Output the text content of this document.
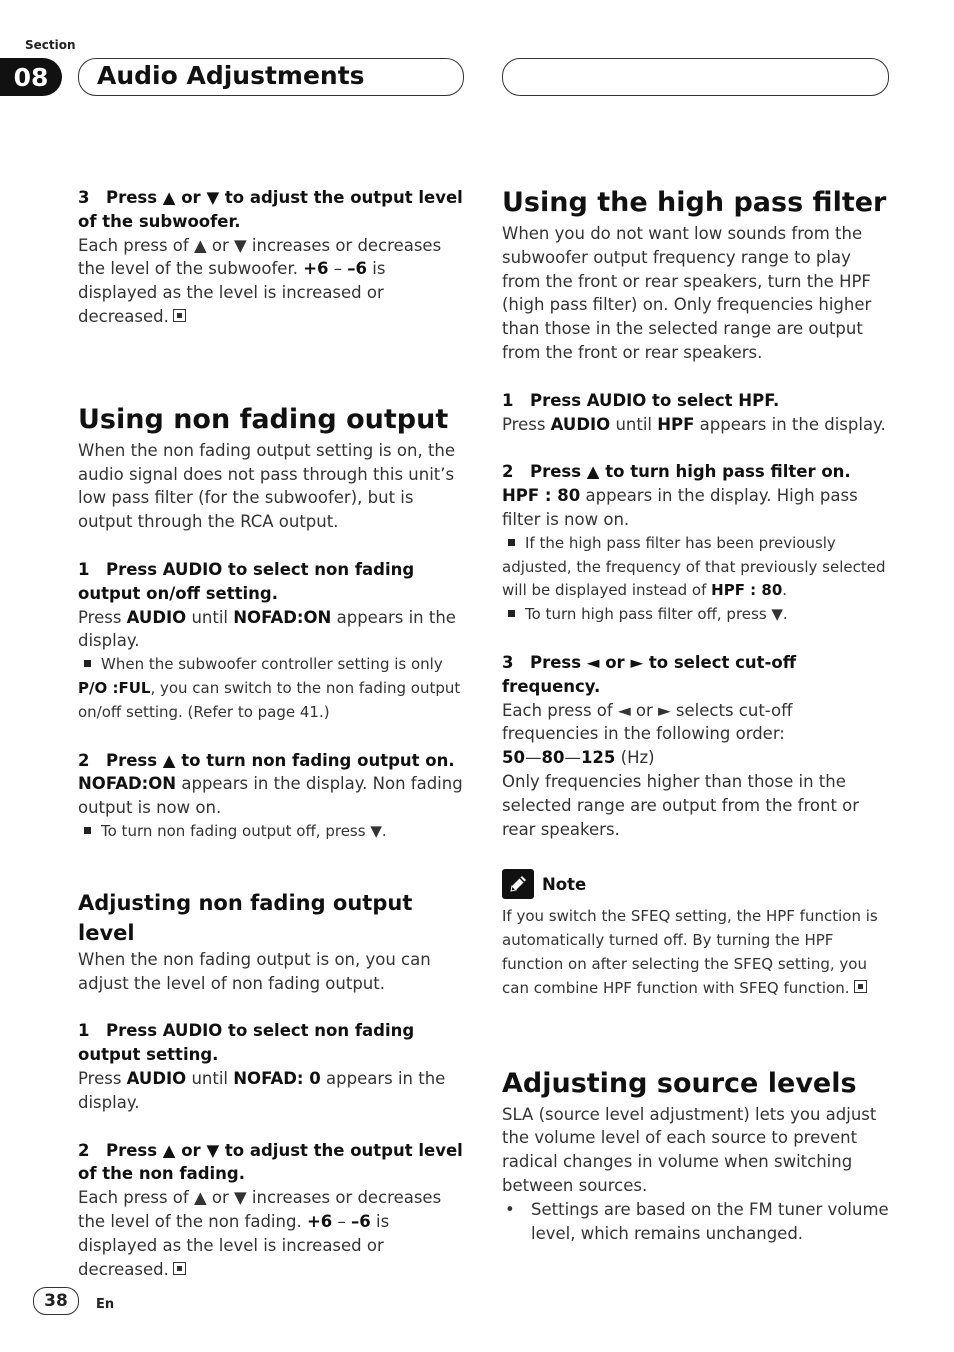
Section
08	Audio Adjustments

3 Press ▲ or ▼ to adjust the output level of the subwoofer.

Each press of ▲ or ▼ increases or decreases the level of the subwoofer. +6 – –6 is displayed as the level is increased or decreased.

Using non fading output

When the non fading output setting is on, the audio signal does not pass through this unit’s low pass filter (for the subwoofer), but is output through the RCA output.

1 Press AUDIO to select non fading output on/off setting.

Press AUDIO until NOFAD:ON appears in the display.

When the subwoofer controller setting is only P/O :FUL, you can switch to the non fading output on/off setting. (Refer to page 41.)

2 Press ▲ to turn non fading output on.

NOFAD:ON appears in the display. Non fading output is now on.

To turn non fading output off, press ▼.

Adjusting non fading output level

When the non fading output is on, you can adjust the level of non fading output.

1 Press AUDIO to select non fading output setting.

Press AUDIO until NOFAD: 0 appears in the display.

2 Press ▲ or ▼ to adjust the output level of the non fading.

Each press of ▲ or ▼ increases or decreases the level of the non fading. +6 – –6 is displayed as the level is increased or decreased.

Using the high pass filter

When you do not want low sounds from the subwoofer output frequency range to play from the front or rear speakers, turn the HPF (high pass filter) on. Only frequencies higher than those in the selected range are output from the front or rear speakers.

1 Press AUDIO to select HPF.

Press AUDIO until HPF appears in the display.

2 Press ▲ to turn high pass filter on.

HPF : 80 appears in the display. High pass filter is now on.

If the high pass filter has been previously adjusted, the frequency of that previously selected will be displayed instead of HPF : 80.

To turn high pass filter off, press ▼.

3 Press ◄ or ► to select cut-off frequency.

Each press of ◄ or ► selects cut-off frequencies in the following order:

50—80—125 (Hz)

Only frequencies higher than those in the selected range are output from the front or rear speakers.

Note

If you switch the SFEQ setting, the HPF function is automatically turned off. By turning the HPF function on after selecting the SFEQ setting, you can combine HPF function with SFEQ function.

Adjusting source levels

SLA (source level adjustment) lets you adjust the volume level of each source to prevent radical changes in volume when switching between sources.

• Settings are based on the FM tuner volume level, which remains unchanged.
38	En
